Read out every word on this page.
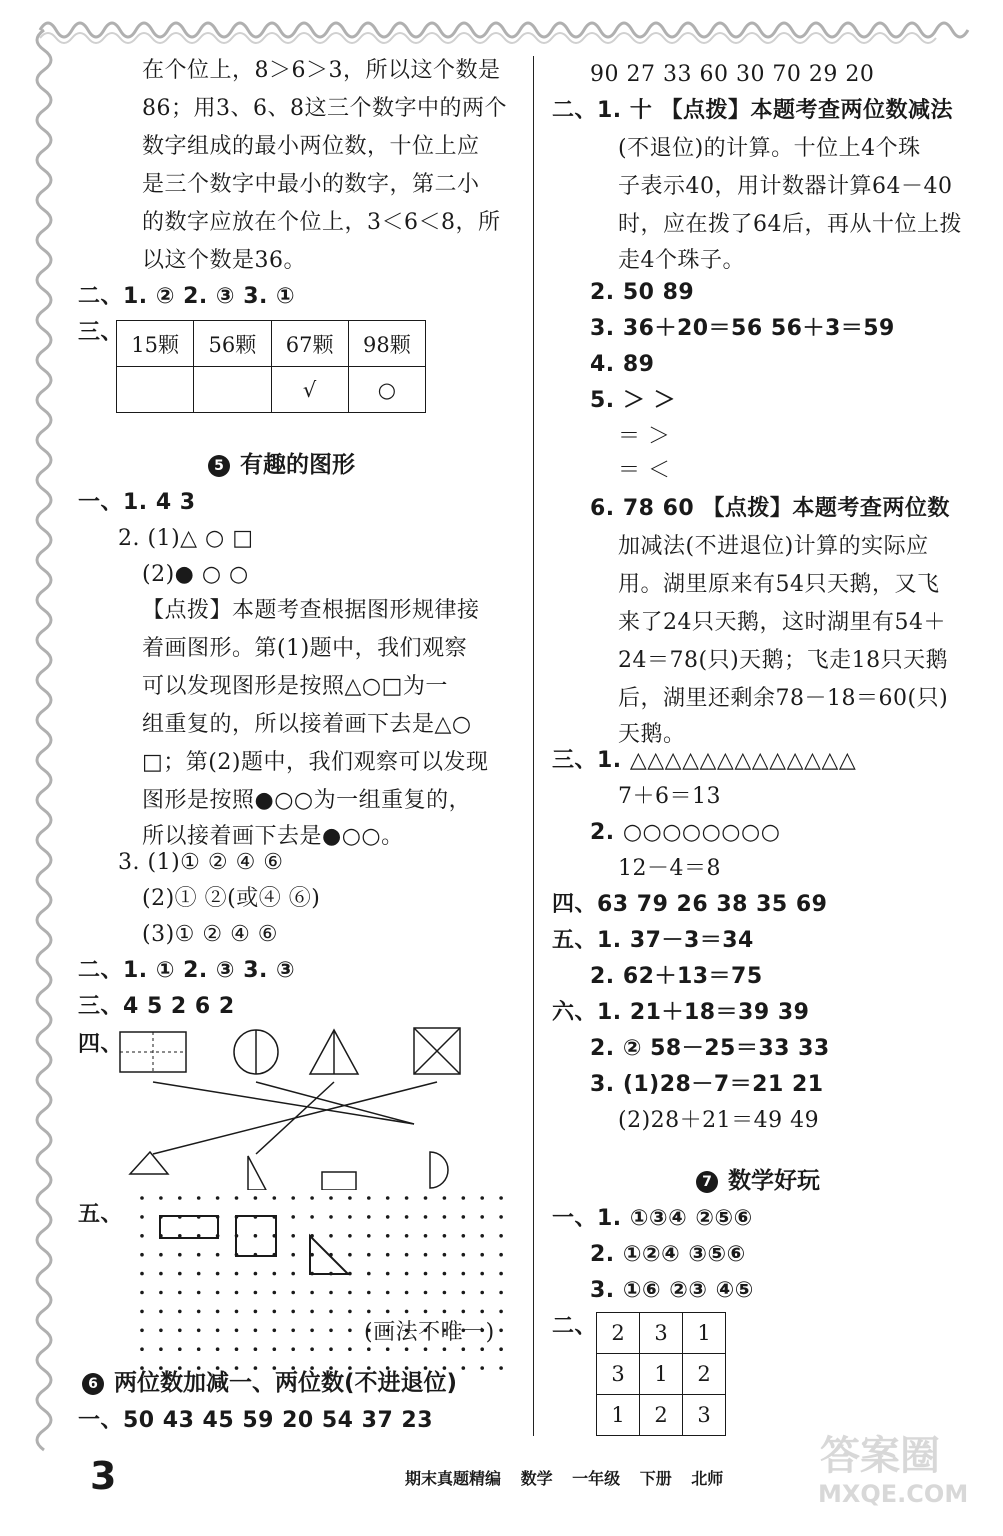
在个位上，8＞6＞3，所以这个数是
86；用3、6、8这三个数字中的两个
数字组成的最小两位数，十位上应
是三个数字中最小的数字，第二小
的数字应放在个位上，3＜6＜8，所
以这个数是36。
二、1. ② 2. ③ 3. ①
三、 15颗	56颗	67颗	98颗
		√	○
5 有趣的图形
一、1. 4 3
2. (1)△ ○ □
(2)● ○ ○
【点拨】本题考查根据图形规律接
着画图形。第(1)题中，我们观察
可以发现图形是按照△○□为一
组重复的，所以接着画下去是△○
□；第(2)题中，我们观察可以发现
图形是按照●○○为一组重复的，
所以接着画下去是●○○。
3. (1)① ② ④ ⑥
(2)① ②(或④ ⑥)
(3)① ② ④ ⑥
二、1. ① 2. ③ 3. ③
三、4 5 2 6 2
四、
五、
(画法不唯一)
6 两位数加减一、两位数(不进退位)
一、50 43 45 59 20 54 37 23
90 27 33 60 30 70 29 20
二、1. 十 【点拨】本题考查两位数减法
(不退位)的计算。十位上4个珠
子表示40，用计数器计算64－40
时，应在拨了64后，再从十位上拨
走4个珠子。
2. 50 89
3. 36＋20＝56 56＋3＝59
4. 89
5. ＞ ＞
＝ ＞
＝ ＜
6. 78 60 【点拨】本题考查两位数
加减法(不进退位)计算的实际应
用。湖里原来有54只天鹅，又飞
来了24只天鹅，这时湖里有54＋
24＝78(只)天鹅；飞走18只天鹅
后，湖里还剩余78－18＝60(只)
天鹅。
三、1. △△△△△△△△△△△△△
7＋6＝13
2. ○○○○○○○○
12－4＝8
四、63 79 26 38 35 69
五、1. 37－3＝34
2. 62＋13＝75
六、1. 21＋18＝39 39
2. ② 58－25＝33 33
3. (1)28－7＝21 21
(2)28＋21＝49 49
7 数学好玩
一、1. ①③④ ②⑤⑥
2. ①②④ ③⑤⑥
3. ①⑥ ②③ ④⑤
二、 2	3	1
3	1	2
1	2	3
答案圈
MXQE.COM
3	期末真题精编 数学 一年级 下册 北师
